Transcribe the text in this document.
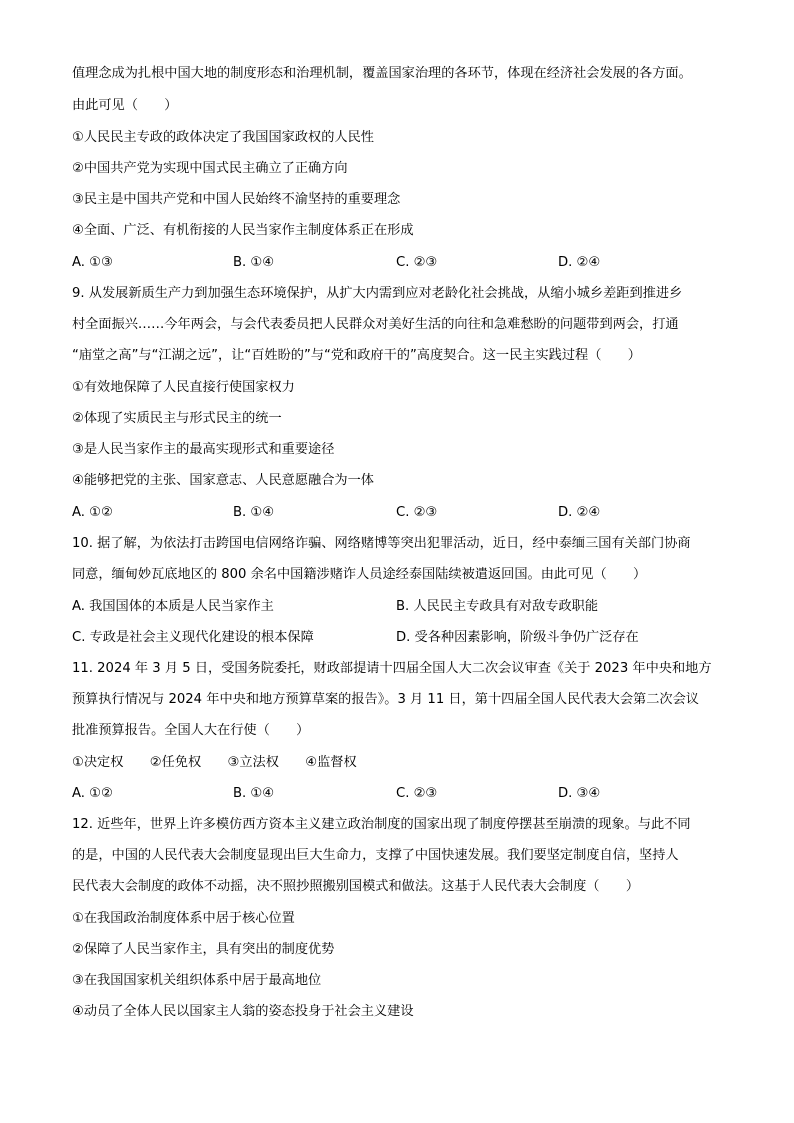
值理念成为扎根中国大地的制度形态和治理机制，覆盖国家治理的各环节，体现在经济社会发展的各方面。
由此可见（　　）
①人民民主专政的政体决定了我国国家政权的人民性
②中国共产党为实现中国式民主确立了正确方向
③民主是中国共产党和中国人民始终不渝坚持的重要理念
④全面、广泛、有机衔接的人民当家作主制度体系正在形成
A. ①③	B. ①④	C. ②③	D. ②④
9. 从发展新质生产力到加强生态环境保护，从扩大内需到应对老龄化社会挑战，从缩小城乡差距到推进乡
村全面振兴……今年两会，与会代表委员把人民群众对美好生活的向往和急难愁盼的问题带到两会，打通
“庙堂之高”与“江湖之远”，让“百姓盼的”与“党和政府干的”高度契合。这一民主实践过程（　　）
①有效地保障了人民直接行使国家权力
②体现了实质民主与形式民主的统一
③是人民当家作主的最高实现形式和重要途径
④能够把党的主张、国家意志、人民意愿融合为一体
A. ①②	B. ①④	C. ②③	D. ②④
10. 据了解，为依法打击跨国电信网络诈骗、网络赌博等突出犯罪活动，近日，经中泰缅三国有关部门协商
同意，缅甸妙瓦底地区的 800 余名中国籍涉赌诈人员途经泰国陆续被遣返回国。由此可见（　　）
A. 我国国体的本质是人民当家作主	B. 人民民主专政具有对敌专政职能
C. 专政是社会主义现代化建设的根本保障	D. 受各种因素影响，阶级斗争仍广泛存在
11. 2024 年 3 月 5 日，受国务院委托，财政部提请十四届全国人大二次会议审查《关于 2023 年中央和地方
预算执行情况与 2024 年中央和地方预算草案的报告》。3 月 11 日，第十四届全国人民代表大会第二次会议
批准预算报告。全国人大在行使（　　）
①决定权　　②任免权　　③立法权　　④监督权
A. ①②	B. ①④	C. ②③	D. ③④
12. 近些年，世界上许多模仿西方资本主义建立政治制度的国家出现了制度停摆甚至崩溃的现象。与此不同
的是，中国的人民代表大会制度显现出巨大生命力，支撑了中国快速发展。我们要坚定制度自信，坚持人
民代表大会制度的政体不动摇，决不照抄照搬别国模式和做法。这基于人民代表大会制度（　　）
①在我国政治制度体系中居于核心位置
②保障了人民当家作主，具有突出的制度优势
③在我国国家机关组织体系中居于最高地位
④动员了全体人民以国家主人翁的姿态投身于社会主义建设
